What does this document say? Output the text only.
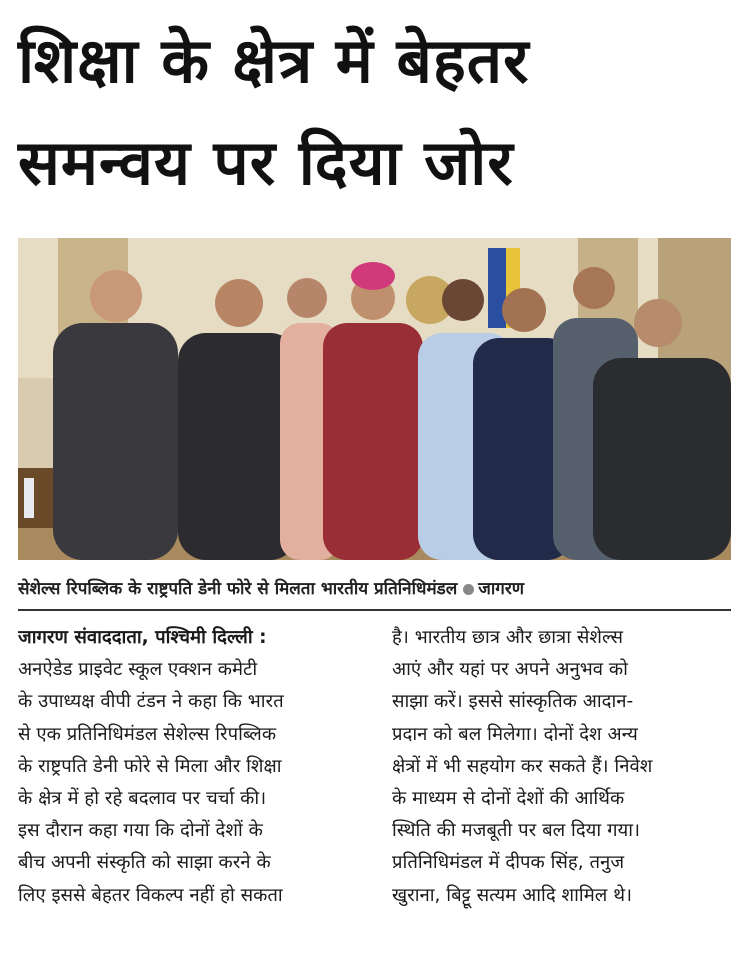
शिक्षा के क्षेत्र में बेहतर
समन्वय पर दिया जोर
सेशेल्स रिपब्लिक के राष्ट्रपति डेनी फोरे से मिलता भारतीय प्रतिनिधिमंडल जागरण
जागरण संवाददाता, पश्चिमी दिल्ली :
अनऐडेड प्राइवेट स्कूल एक्शन कमेटी
के उपाध्यक्ष वीपी टंडन ने कहा कि भारत
से एक प्रतिनिधिमंडल सेशेल्स रिपब्लिक
के राष्ट्रपति डेनी फोरे से मिला और शिक्षा
के क्षेत्र में हो रहे बदलाव पर चर्चा की।
इस दौरान कहा गया कि दोनों देशों के
बीच अपनी संस्कृति को साझा करने के
लिए इससे बेहतर विकल्प नहीं हो सकता
है। भारतीय छात्र और छात्रा सेशेल्स
आएं और यहां पर अपने अनुभव को
साझा करें। इससे सांस्कृतिक आदान-
प्रदान को बल मिलेगा। दोनों देश अन्य
क्षेत्रों में भी सहयोग कर सकते हैं। निवेश
के माध्यम से दोनों देशों की आर्थिक
स्थिति की मजबूती पर बल दिया गया।
प्रतिनिधिमंडल में दीपक सिंह, तनुज
खुराना, बिट्टू सत्यम आदि शामिल थे।
